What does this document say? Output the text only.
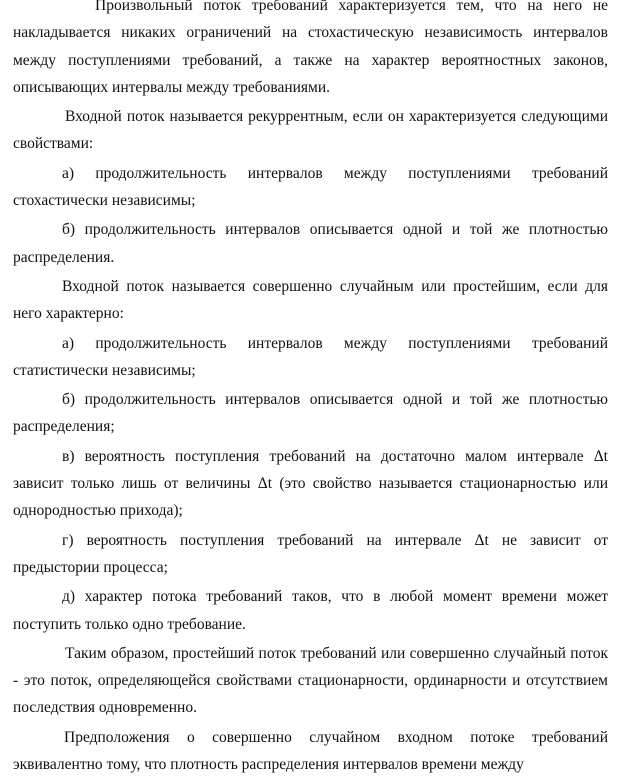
Произвольный поток требований характеризуется тем, что на него не накладывается никаких ограничений на стохастическую независимость интервалов между поступлениями требований, а также на характер вероятностных законов, описывающих интервалы между требованиями.

Входной поток называется рекуррентным, если он характеризуется следующими свойствами:

а) продолжительность интервалов между поступлениями требований стохастически независимы;

б) продолжительность интервалов описывается одной и той же плотностью распределения.

Входной поток называется совершенно случайным или простейшим, если для него характерно:

а) продолжительность интервалов между поступлениями требований статистически независимы;

б) продолжительность интервалов описывается одной и той же плотностью распределения;

в) вероятность поступления требований на достаточно малом интервале Δt зависит только лишь от величины Δt (это свойство называется стационарностью или однородностью прихода);

г) вероятность поступления требований на интервале Δt не зависит от предыстории процесса;

д) характер потока требований таков, что в любой момент времени может поступить только одно требование.

Таким образом, простейший поток требований или совершенно случайный поток - это поток, определяющейся свойствами стационарности, ординарности и отсутствием последствия одновременно.

Предположения о совершенно случайном входном потоке требований эквивалентно тому, что плотность распределения интервалов времени между
